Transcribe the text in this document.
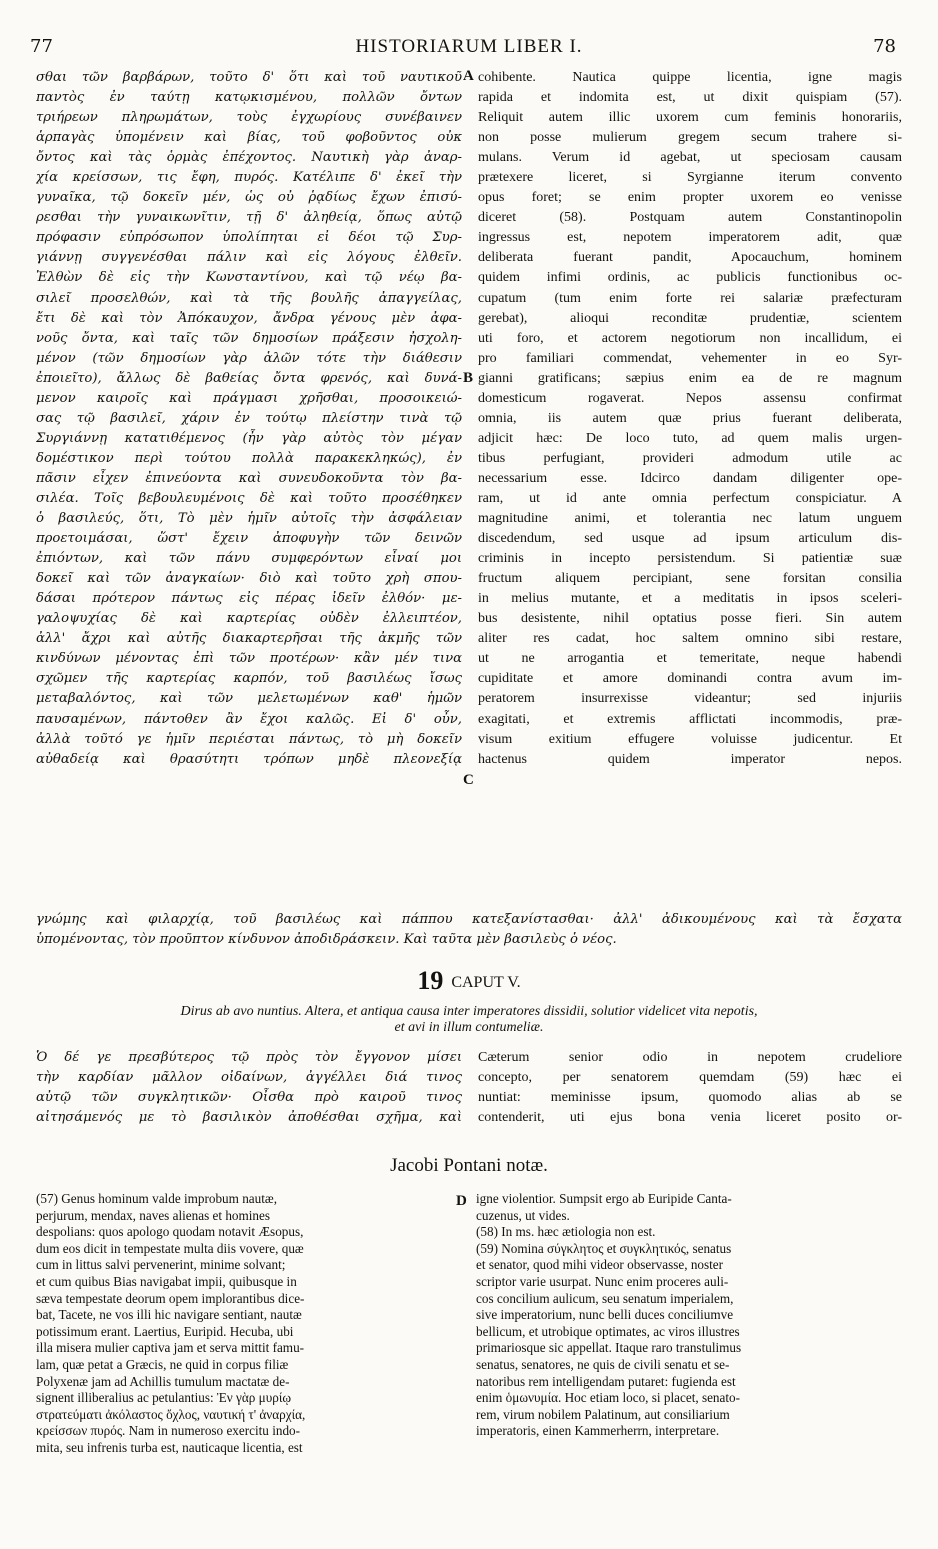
77	HISTORIARUM LIBER I.	78
σθαι τῶν βαρβάρων, τοῦτο δ' ὅτι καὶ τοῦ ναυτικοῦ
παντὸς ἐν ταύτῃ κατῳκισμένου, πολλῶν ὄντων
τριήρεων πληρωμάτων, τοὺς ἐγχωρίους συνέβαινεν
ἁρπαγὰς ὑπομένειν καὶ βίας, τοῦ φοβοῦντος οὐκ
ὄντος καὶ τὰς ὁρμὰς ἐπέχοντος. Ναυτικὴ γὰρ ἀναρ-
χία κρείσσων, τις ἔφη, πυρός. Κατέλιπε δ' ἐκεῖ τὴν
γυναῖκα, τῷ δοκεῖν μέν, ὡς οὐ ῥᾳδίως ἔχων ἐπισύ-
ρεσθαι τὴν γυναικωνῖτιν, τῇ δ' ἀληθείᾳ, ὅπως αὐτῷ
πρόφασιν εὐπρόσωπον ὑπολίπηται εἰ δέοι τῷ Συρ-
γιάννῃ συγγενέσθαι πάλιν καὶ εἰς λόγους ἐλθεῖν.
Ἐλθὼν δὲ εἰς τὴν Κωνσταντίνου, καὶ τῷ νέῳ βα-
σιλεῖ προσελθών, καὶ τὰ τῆς βουλῆς ἀπαγγείλας,
ἔτι δὲ καὶ τὸν Ἀπόκαυχον, ἄνδρα γένους μὲν ἀφα-
νοῦς ὄντα, καὶ ταῖς τῶν δημοσίων πράξεσιν ἠσχολη-
μένον (τῶν δημοσίων γὰρ ἁλῶν τότε τὴν διάθεσιν
ἐποιεῖτο), ἄλλως δὲ βαθείας ὄντα φρενός, καὶ δυνά-
μενον καιροῖς καὶ πράγμασι χρῆσθαι, προσοικειώ-
σας τῷ βασιλεῖ, χάριν ἐν τούτῳ πλείστην τινὰ τῷ
Συργιάννῃ κατατιθέμενος (ἦν γὰρ αὐτὸς τὸν μέγαν
δομέστικον περὶ τούτου πολλὰ παρακεκληκώς), ἐν
πᾶσιν εἶχεν ἐπινεύοντα καὶ συνευδοκοῦντα τὸν βα-
σιλέα. Τοῖς βεβουλευμένοις δὲ καὶ τοῦτο προσέθηκεν
ὁ βασιλεύς, ὅτι, Τὸ μὲν ἡμῖν αὐτοῖς τὴν ἀσφάλειαν
προετοιμάσαι, ὥστ' ἔχειν ἀποφυγὴν τῶν δεινῶν
ἐπιόντων, καὶ τῶν πάνυ συμφερόντων εἶναί μοι
δοκεῖ καὶ τῶν ἀναγκαίων· διὸ καὶ τοῦτο χρὴ σπου-
δάσαι πρότερον πάντως εἰς πέρας ἰδεῖν ἐλθόν· με-
γαλοψυχίας δὲ καὶ καρτερίας οὐδὲν ἐλλειπτέον,
ἀλλ' ἄχρι καὶ αὐτῆς διακαρτερῆσαι τῆς ἀκμῆς τῶν
κινδύνων μένοντας ἐπὶ τῶν προτέρων· κἂν μέν τινα
σχῶμεν τῆς καρτερίας καρπόν, τοῦ βασιλέως ἴσως
μεταβαλόντος, καὶ τῶν μελετωμένων καθ' ἡμῶν
παυσαμένων, πάντοθεν ἂν ἔχοι καλῶς. Εἰ δ' οὖν,
ἀλλὰ τοῦτό γε ἡμῖν περιέσται πάντως, τὸ μὴ δοκεῖν
αὐθαδείᾳ καὶ θρασύτητι τρόπων μηδὲ πλεονεξίᾳ
cohibente. Nautica quippe licentia, igne magis
rapida et indomita est, ut dixit quispiam (57).
Reliquit autem illic uxorem cum feminis honorariis,
non posse mulierum gregem secum trahere si-
mulans. Verum id agebat, ut speciosam causam
prætexere liceret, si Syrgianne iterum convento
opus foret; se enim propter uxorem eo venisse
diceret (58). Postquam autem Constantinopolin
ingressus est, nepotem imperatorem adit, quæ
deliberata fuerant pandit, Apocauchum, hominem
quidem infimi ordinis, ac publicis functionibus oc-
cupatum (tum enim forte rei salariæ præfecturam
gerebat), alioqui reconditæ prudentiæ, scientem
uti foro, et actorem negotiorum non incallidum, ei
pro familiari commendat, vehementer in eo Syr-
gianni gratificans; sæpius enim ea de re magnum
domesticum rogaverat. Nepos assensu confirmat
omnia, iis autem quæ prius fuerant deliberata,
adjicit hæc: De loco tuto, ad quem malis urgen-
tibus perfugiant, provideri admodum utile ac
necessarium esse. Idcirco dandam diligenter ope-
ram, ut id ante omnia perfectum conspiciatur. A
magnitudine animi, et tolerantia nec latum unguem
discedendum, sed usque ad ipsum articulum dis-
criminis in incepto persistendum. Si patientiæ suæ
fructum aliquem percipiant, sene forsitan consilia
in melius mutante, et a meditatis in ipsos sceleri-
bus desistente, nihil optatius posse fieri. Sin autem
aliter res cadat, hoc saltem omnino sibi restare,
ut ne arrogantia et temeritate, neque habendi
cupiditate et amore dominandi contra avum im-
peratorem insurrexisse videantur; sed injuriis
exagitati, et extremis afflictati incommodis, præ-
visum exitium effugere voluisse judicentur. Et
hactenus quidem imperator nepos.
A
B
C
D
γνώμης καὶ φιλαρχίᾳ, τοῦ βασιλέως καὶ πάππου κατεξανίστασθαι· ἀλλ' ἀδικουμένους καὶ τὰ ἔσχατα
ὑπομένοντας, τὸν προῦπτον κίνδυνον ἀποδιδράσκειν. Καὶ ταῦτα μὲν βασιλεὺς ὁ νέος.
19 CAPUT V.
Dirus ab avo nuntius. Altera, et antiqua causa inter imperatores dissidii, solutior videlicet vita nepotis,
et avi in illum contumeliæ.
Ὁ δέ γε πρεσβύτερος τῷ πρὸς τὸν ἔγγονον μίσει
τὴν καρδίαν μᾶλλον οἰδαίνων, ἀγγέλλει διά τινος
αὐτῷ τῶν συγκλητικῶν· Οἶσθα πρὸ καιροῦ τινος
αἰτησάμενός με τὸ βασιλικὸν ἀποθέσθαι σχῆμα, καὶ
Cæterum senior odio in nepotem crudeliore
concepto, per senatorem quemdam (59) hæc ei
nuntiat: meminisse ipsum, quomodo alias ab se
contenderit, uti ejus bona venia liceret posito or-
Jacobi Pontani notæ.
(57) Genus hominum valde improbum nautæ,
perjurum, mendax, naves alienas et homines
despolians: quos apologo quodam notavit Æsopus,
dum eos dicit in tempestate multa diis vovere, quæ
cum in littus salvi pervenerint, minime solvant;
et cum quibus Bias navigabat impii, quibusque in
sæva tempestate deorum opem implorantibus dice-
bat, Tacete, ne vos illi hic navigare sentiant, nautæ
potissimum erant. Laertius, Euripid. Hecuba, ubi
illa misera mulier captiva jam et serva mittit famu-
lam, quæ petat a Græcis, ne quid in corpus filiæ
Polyxenæ jam ad Achillis tumulum mactatæ de-
signent illiberalius ac petulantius: Ἐν γὰρ μυρίῳ
στρατεύματι ἀκόλαστος ὄχλος, ναυτική τ' ἀναρχία,
κρείσσων πυρός. Nam in numeroso exercitu indo-
mita, seu infrenis turba est, nauticaque licentia, est
igne violentior. Sumpsit ergo ab Euripide Canta-
cuzenus, ut vides.
(58) In ms. hæc ætiologia non est.
(59) Nomina σύγκλητος et συγκλητικός, senatus
et senator, quod mihi videor observasse, noster
scriptor varie usurpat. Nunc enim proceres auli-
cos concilium aulicum, seu senatum imperialem,
sive imperatorium, nunc belli duces conciliumve
bellicum, et utrobique optimates, ac viros illustres
primariosque sic appellat. Itaque raro transtulimus
senatus, senatores, ne quis de civili senatu et se-
natoribus rem intelligendam putaret: fugienda est
enim ὁμωνυμία. Hoc etiam loco, si placet, senato-
rem, virum nobilem Palatinum, aut consiliarium
imperatoris, einen Kammerherrn, interpretare.
